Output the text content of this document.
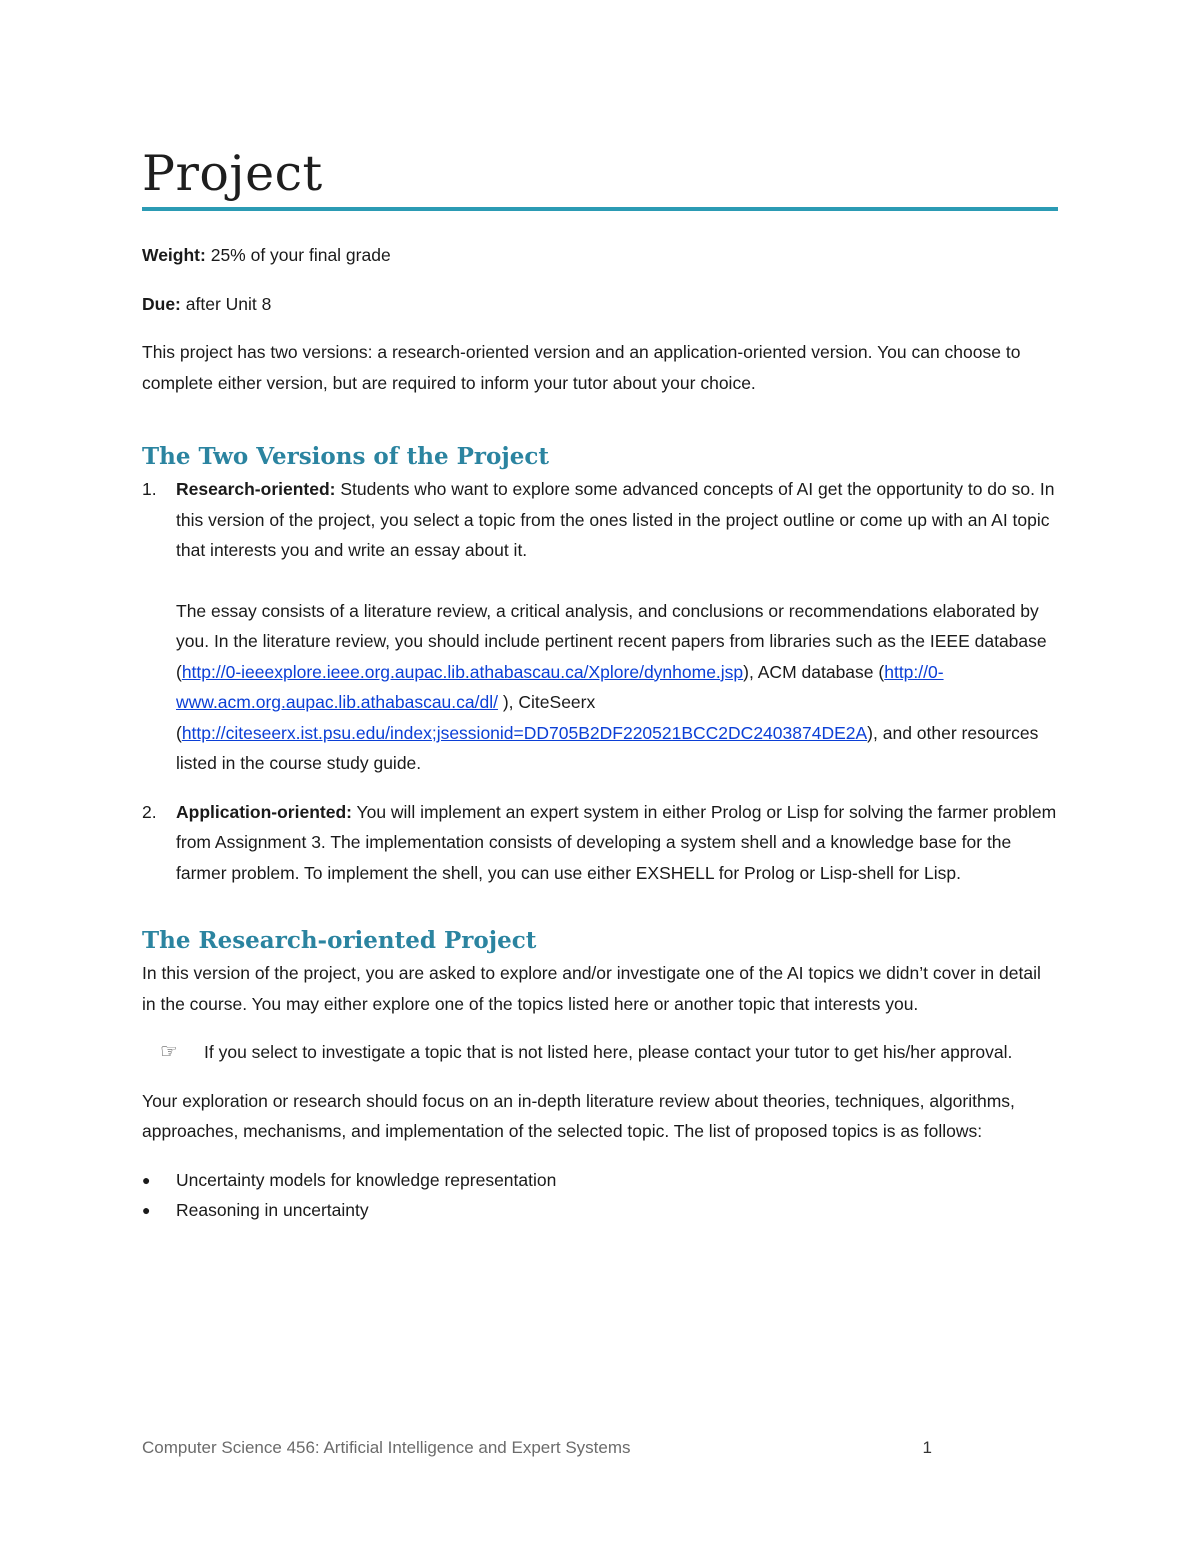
Project

Weight: 25% of your final grade

Due: after Unit 8

This project has two versions: a research-oriented version and an application-oriented version. You can choose to complete either version, but are required to inform your tutor about your choice.

The Two Versions of the Project
1. Research-oriented: Students who want to explore some advanced concepts of AI get the opportunity to do so. In this version of the project, you select a topic from the ones listed in the project outline or come up with an AI topic that interests you and write an essay about it.

The essay consists of a literature review, a critical analysis, and conclusions or recommendations elaborated by you. In the literature review, you should include pertinent recent papers from libraries such as the IEEE database (http://0-ieeexplore.ieee.org.aupac.lib.athabascau.ca/Xplore/dynhome.jsp), ACM database (http://0-www.acm.org.aupac.lib.athabascau.ca/dl/ ), CiteSeerx (http://citeseerx.ist.psu.edu/index;jsessionid=DD705B2DF220521BCC2DC2403874DE2A), and other resources listed in the course study guide.

2. Application-oriented: You will implement an expert system in either Prolog or Lisp for solving the farmer problem from Assignment 3. The implementation consists of developing a system shell and a knowledge base for the farmer problem. To implement the shell, you can use either EXSHELL for Prolog or Lisp-shell for Lisp.

The Research-oriented Project

In this version of the project, you are asked to explore and/or investigate one of the AI topics we didn’t cover in detail in the course. You may either explore one of the topics listed here or another topic that interests you.

☞ If you select to investigate a topic that is not listed here, please contact your tutor to get his/her approval.

Your exploration or research should focus on an in-depth literature review about theories, techniques, algorithms, approaches, mechanisms, and implementation of the selected topic. The list of proposed topics is as follows:

● Uncertainty models for knowledge representation
● Reasoning in uncertainty
Computer Science 456: Artificial Intelligence and Expert Systems	1
